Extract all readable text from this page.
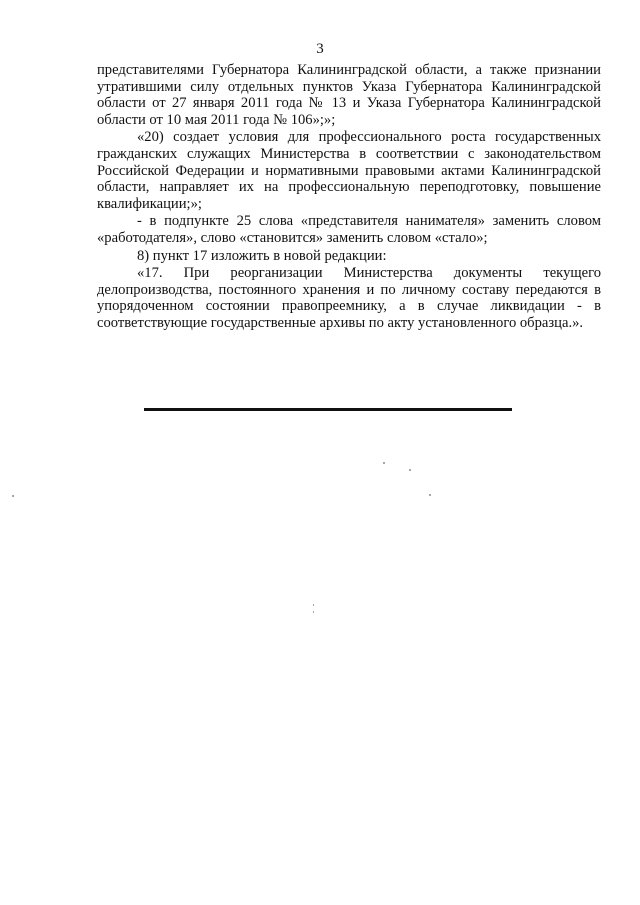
3

представителями Губернатора Калининградской области, а также признании утратившими силу отдельных пунктов Указа Губернатора Калининградской области от 27 января 2011 года № 13 и Указа Губернатора Калининградской области от 10 мая 2011 года № 106»;»;

«20) создает условия для профессионального роста государственных гражданских служащих Министерства в соответствии с законодательством Российской Федерации и нормативными правовыми актами Калининградской области, направляет их на профессиональную переподготовку, повышение квалификации;»;

- в подпункте 25 слова «представителя нанимателя» заменить словом «работодателя», слово «становится» заменить словом «стало»;

8) пункт 17 изложить в новой редакции:

«17. При реорганизации Министерства документы текущего делопроизводства, постоянного хранения и по личному составу передаются в упорядоченном состоянии правопреемнику, а в случае ликвидации - в соответствующие государственные архивы по акту установленного образца.».
